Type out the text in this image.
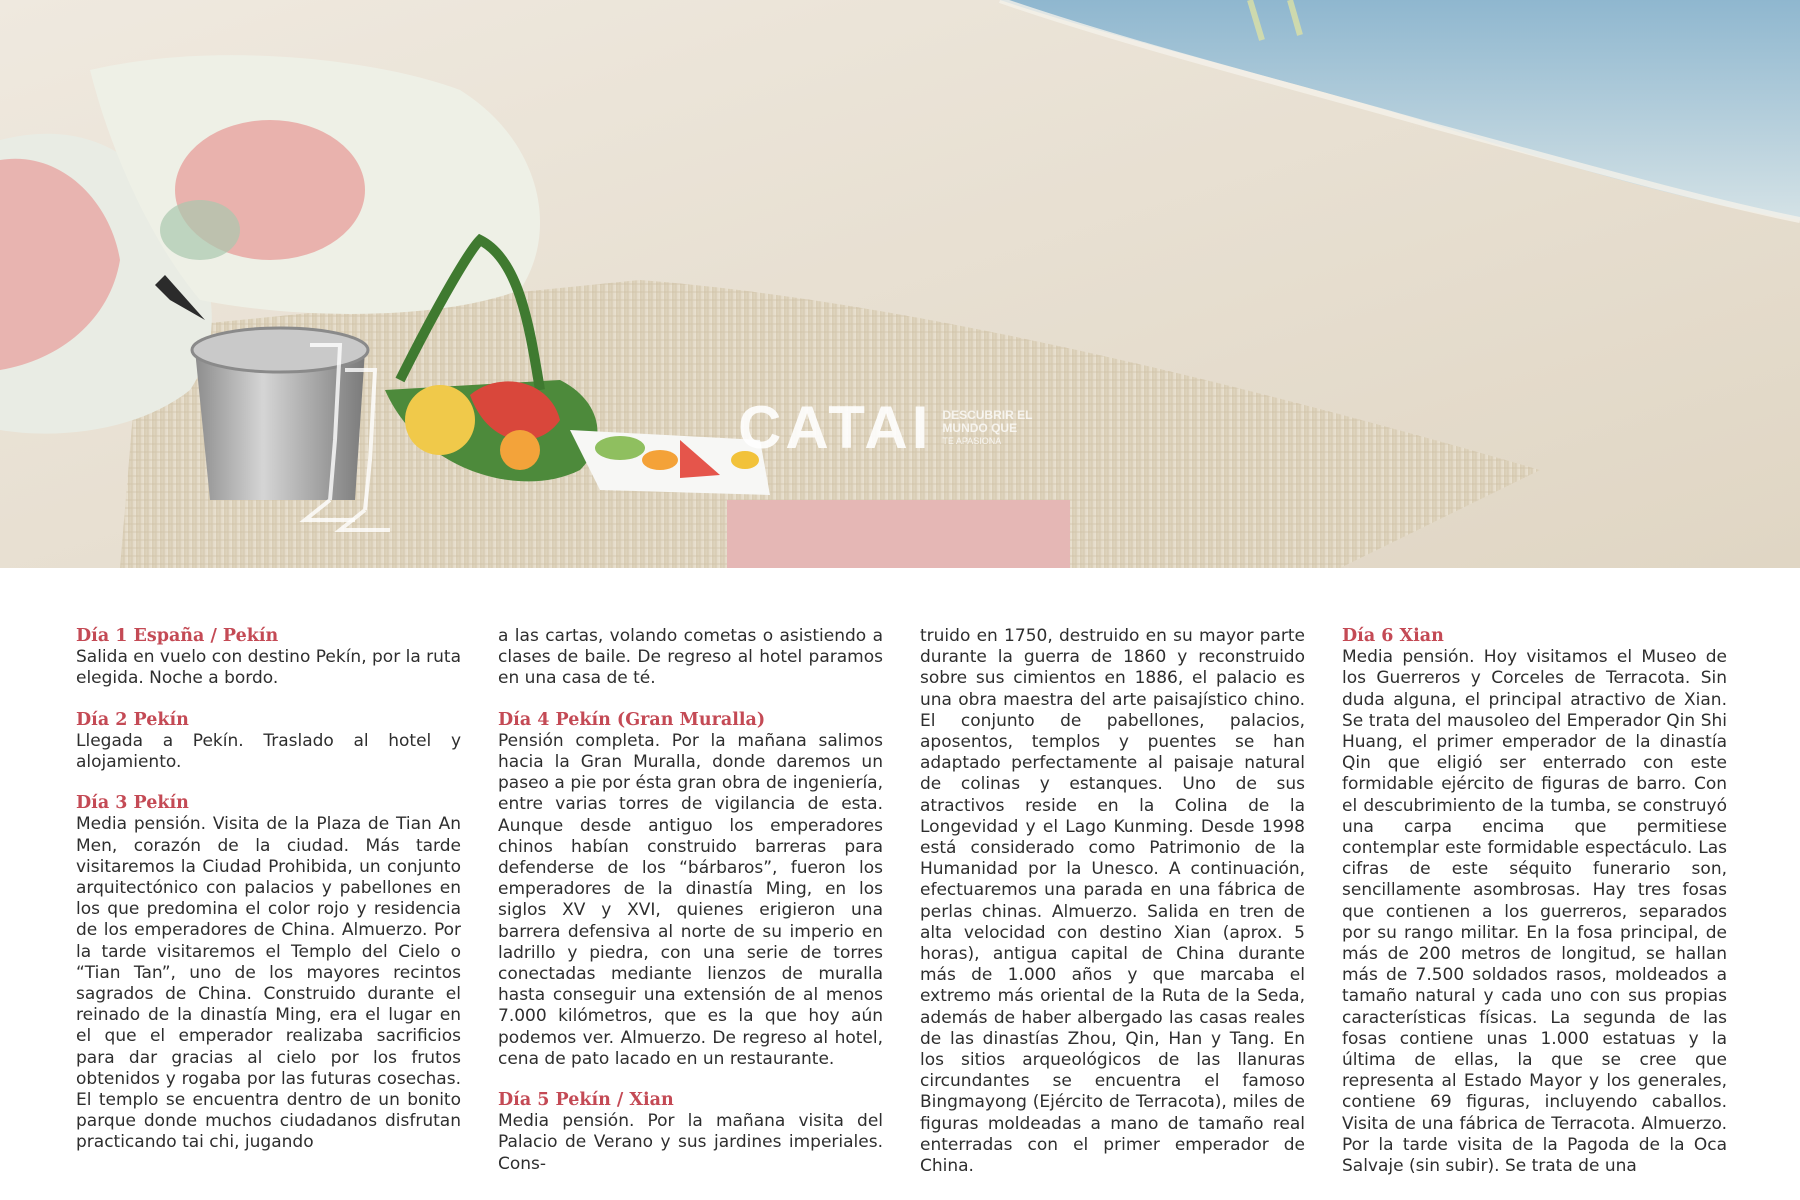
CATAI DESCUBRIR EL
MUNDO QUE
TE APASIONA
Día 1 España / Pekín

Salida en vuelo con destino Pekín, por la ruta elegida. Noche a bordo.

Día 2 Pekín

Llegada a Pekín. Traslado al hotel y alojamiento.

Día 3 Pekín

Media pensión. Visita de la Plaza de Tian An Men, corazón de la ciudad. Más tarde visitaremos la Ciudad Prohibida, un conjunto arquitectónico con palacios y pabellones en los que predomina el color rojo y residencia de los emperadores de China. Almuerzo. Por la tarde visitaremos el Templo del Cielo o “Tian Tan”, uno de los mayores recintos sagrados de China. Construido durante el reinado de la dinastía Ming, era el lugar en el que el emperador realizaba sacrificios para dar gracias al cielo por los frutos obtenidos y rogaba por las futuras cosechas. El templo se encuentra dentro de un bonito parque donde muchos ciudadanos disfrutan practicando tai chi, jugando

a las cartas, volando cometas o asistiendo a clases de baile. De regreso al hotel paramos en una casa de té.

Día 4 Pekín (Gran Muralla)

Pensión completa. Por la mañana salimos hacia la Gran Muralla, donde daremos un paseo a pie por ésta gran obra de ingeniería, entre varias torres de vigilancia de esta. Aunque desde antiguo los emperadores chinos habían construido barreras para defenderse de los “bárbaros”, fueron los emperadores de la dinastía Ming, en los siglos XV y XVI, quienes erigieron una barrera defensiva al norte de su imperio en ladrillo y piedra, con una serie de torres conectadas mediante lienzos de muralla hasta conseguir una extensión de al menos 7.000 kilómetros, que es la que hoy aún podemos ver. Almuerzo. De regreso al hotel, cena de pato lacado en un restaurante.

Día 5 Pekín / Xian

Media pensión. Por la mañana visita del Palacio de Verano y sus jardines imperiales. Cons-

truido en 1750, destruido en su mayor parte durante la guerra de 1860 y reconstruido sobre sus cimientos en 1886, el palacio es una obra maestra del arte paisajístico chino. El conjunto de pabellones, palacios, aposentos, templos y puentes se han adaptado perfectamente al paisaje natural de colinas y estanques. Uno de sus atractivos reside en la Colina de la Longevidad y el Lago Kunming. Desde 1998 está considerado como Patrimonio de la Humanidad por la Unesco. A continuación, efectuaremos una parada en una fábrica de perlas chinas. Almuerzo. Salida en tren de alta velocidad con destino Xian (aprox. 5 horas), antigua capital de China durante más de 1.000 años y que marcaba el extremo más oriental de la Ruta de la Seda, además de haber albergado las casas reales de las dinastías Zhou, Qin, Han y Tang. En los sitios arqueológicos de las llanuras circundantes se encuentra el famoso Bingmayong (Ejército de Terracota), miles de figuras moldeadas a mano de tamaño real enterradas con el primer emperador de China.

Día 6 Xian

Media pensión. Hoy visitamos el Museo de los Guerreros y Corceles de Terracota. Sin duda alguna, el principal atractivo de Xian. Se trata del mausoleo del Emperador Qin Shi Huang, el primer emperador de la dinastía Qin que eligió ser enterrado con este formidable ejército de figuras de barro. Con el descubrimiento de la tumba, se construyó una carpa encima que permitiese contemplar este formidable espectáculo. Las cifras de este séquito funerario son, sencillamente asombrosas. Hay tres fosas que contienen a los guerreros, separados por su rango militar. En la fosa principal, de más de 200 metros de longitud, se hallan más de 7.500 soldados rasos, moldeados a tamaño natural y cada uno con sus propias características físicas. La segunda de las fosas contiene unas 1.000 estatuas y la última de ellas, la que se cree que representa al Estado Mayor y los generales, contiene 69 figuras, incluyendo caballos. Visita de una fábrica de Terracota. Almuerzo. Por la tarde visita de la Pagoda de la Oca Salvaje (sin subir). Se trata de una
